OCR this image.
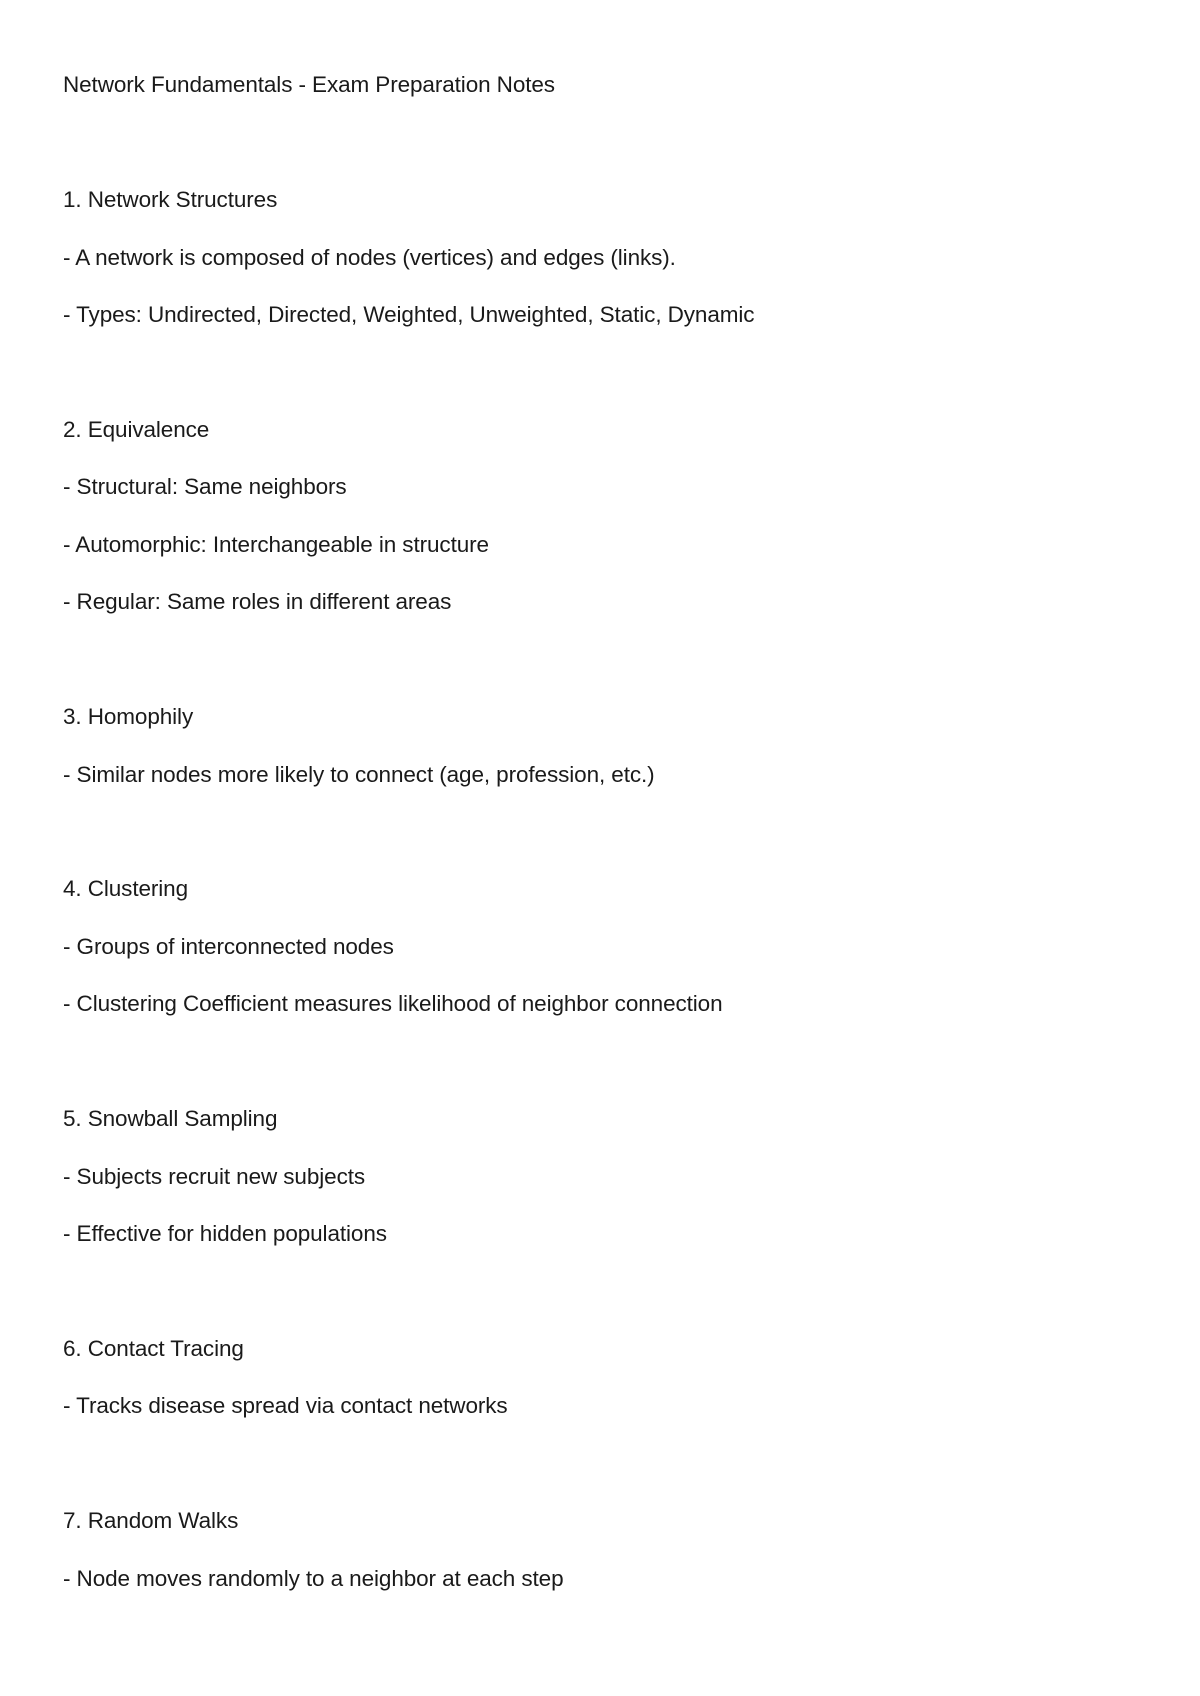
Network Fundamentals - Exam Preparation Notes
1. Network Structures
- A network is composed of nodes (vertices) and edges (links).
- Types: Undirected, Directed, Weighted, Unweighted, Static, Dynamic
2. Equivalence
- Structural: Same neighbors
- Automorphic: Interchangeable in structure
- Regular: Same roles in different areas
3. Homophily
- Similar nodes more likely to connect (age, profession, etc.)
4. Clustering
- Groups of interconnected nodes
- Clustering Coefficient measures likelihood of neighbor connection
5. Snowball Sampling
- Subjects recruit new subjects
- Effective for hidden populations
6. Contact Tracing
- Tracks disease spread via contact networks
7. Random Walks
- Node moves randomly to a neighbor at each step
